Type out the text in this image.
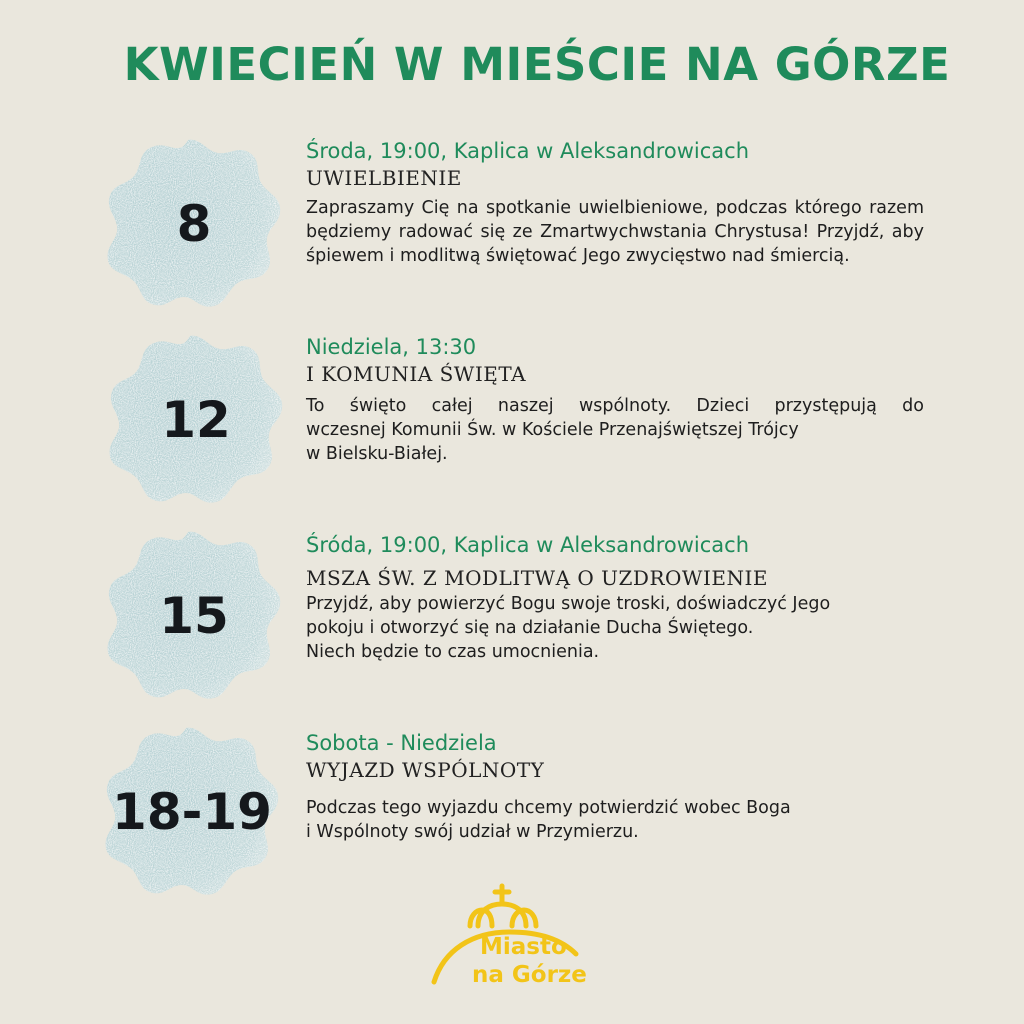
KWIECIEŃ W MIEŚCIE NA GÓRZE
8
Środa, 19:00, Kaplica w Aleksandrowicach
UWIELBIENIE

Zapraszamy Cię na spotkanie uwielbieniowe, podczas którego razem będziemy radować się ze Zmartwychwstania Chrystusa! Przyjdź, aby śpiewem i modlitwą świętować Jego zwycięstwo nad śmiercią.

12
Niedziela, 13:30
I KOMUNIA ŚWIĘTA

To święto całej naszej wspólnoty. Dzieci przystępują do
wczesnej Komunii Św. w Kościele Przenajświętszej Trójcy
w Bielsku-Białej.

15
Śróda, 19:00, Kaplica w Aleksandrowicach
MSZA ŚW. Z MODLITWĄ O UZDROWIENIE

Przyjdź, aby powierzyć Bogu swoje troski, doświadczyć Jego
pokoju i otworzyć się na działanie Ducha Świętego.
Niech będzie to czas umocnienia.

18-19
Sobota - Niedziela
WYJAZD WSPÓLNOTY

Podczas tego wyjazdu chcemy potwierdzić wobec Boga
i Wspólnoty swój udział w Przymierzu.

Miasto
na Górze
